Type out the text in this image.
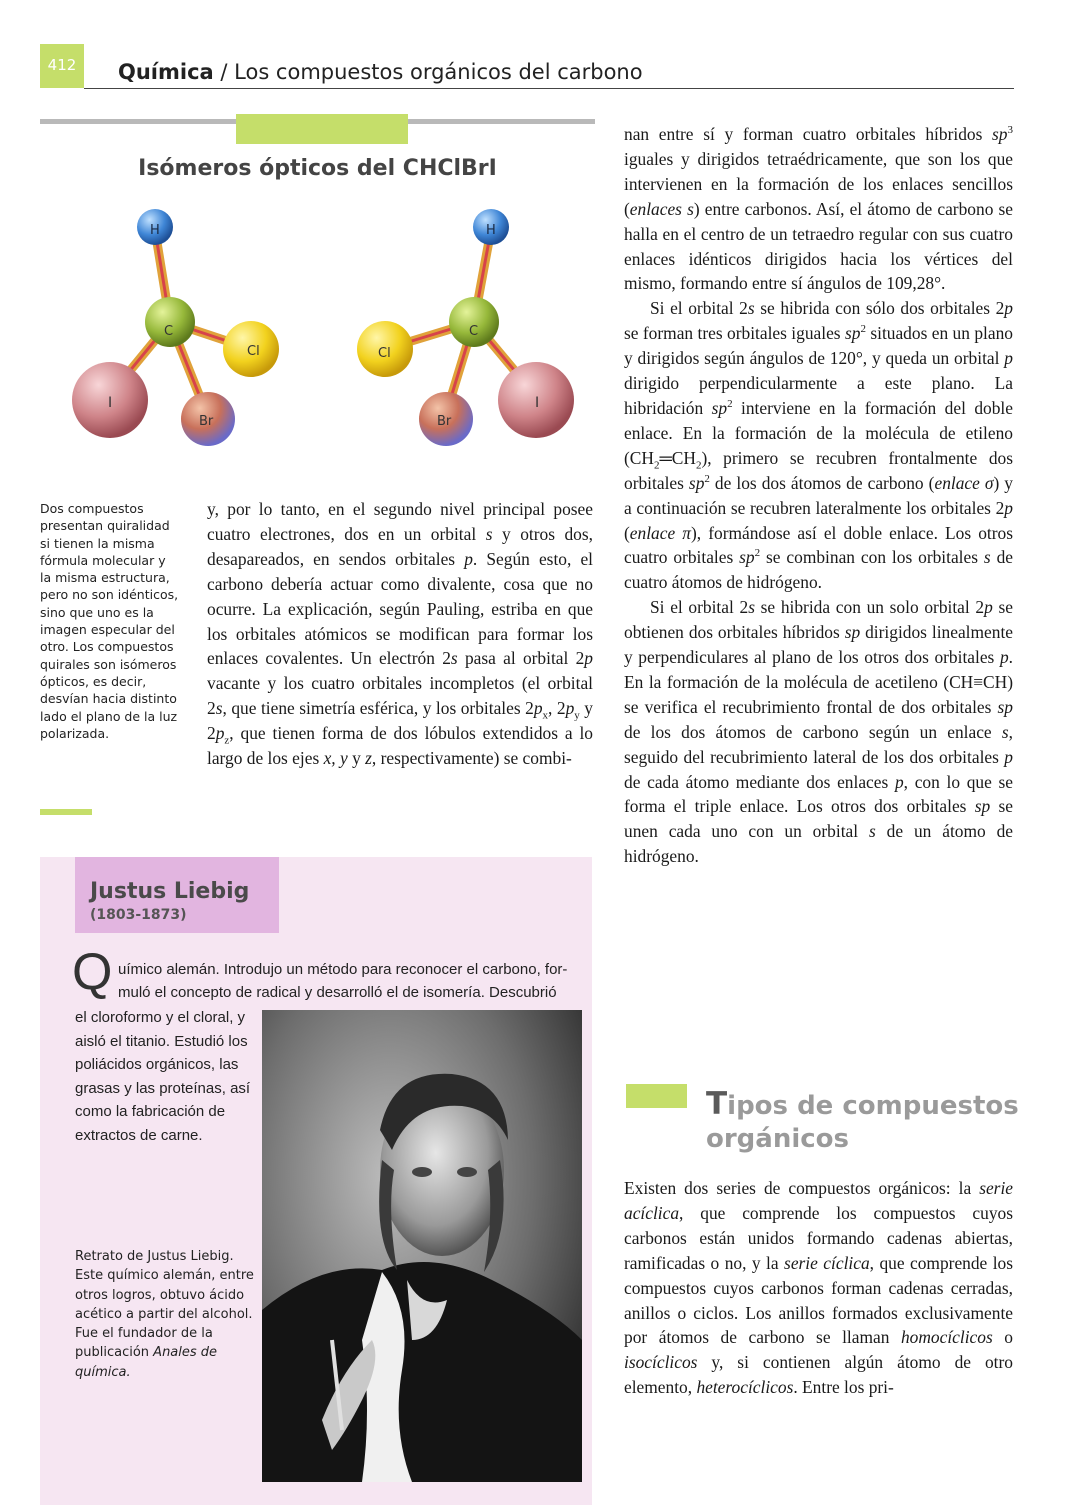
412	Química / Los compuestos orgánicos del carbono
Isómeros ópticos del CHClBrI
I
Br
C
Cl
H
I
Br
C
Cl
H

Dos compuestos presentan quiralidad si tienen la misma fórmula molecular y la misma estructura, pero no son idénticos, sino que uno es la imagen especular del otro. Los compuestos quirales son isómeros ópticos, es decir, desvían hacia distinto lado el plano de la luz polarizada.

y, por lo tanto, en el segundo nivel principal posee cuatro electrones, dos en un orbital s y otros dos, desapareados, en sendos orbitales p. Según esto, el carbono debería actuar como divalente, cosa que no ocurre. La explicación, según Pauling, estriba en que los orbitales atómicos se modifican para formar los enlaces covalentes. Un electrón 2s pasa al orbital 2p vacante y los cuatro orbitales incompletos (el orbital 2s, que tiene simetría esférica, y los orbitales $2p_x$, $2p_y$ y $2p_z$, que tienen forma de dos lóbulos extendidos a lo largo de los ejes x, y y z, respectivamente) se combi-

Justus Liebig
(1803-1873)
Q uímico alemán. Introdujo un método para reconocer el carbono, for-
muló el concepto de radical y desarrolló el de isomería. Descubrió

el cloroformo y el cloral, y aisló el titanio. Estudió los poliácidos orgánicos, las grasas y las proteínas, así como la fabricación de extractos de carne.

Retrato de Justus Liebig. Este químico alemán, entre otros logros, obtuvo ácido acético a partir del alcohol. Fue el fundador de la publicación Anales de química.

nan entre sí y forman cuatro orbitales híbridos $sp^3$ iguales y dirigidos tetraédricamente, que son los que intervienen en la formación de los enlaces sencillos (enlaces s) entre carbonos. Así, el átomo de carbono se halla en el centro de un tetraedro regular con sus cuatro enlaces idénticos dirigidos hacia los vértices del mismo, formando entre sí ángulos de 109,28°.

Si el orbital 2s se hibrida con sólo dos orbitales 2p se forman tres orbitales iguales $sp^2$ situados en un plano y dirigidos según ángulos de 120°, y queda un orbital p dirigido perpendicularmente a este plano. La hibridación $sp^2$ interviene en la formación del doble enlace. En la formación de la molécula de etileno $(CH_2═CH_2)$, primero se recubren frontalmente dos orbitales $sp^2$ de los dos átomos de carbono (enlace σ) y a continuación se recubren lateralmente los orbitales 2p (enlace π), formándose así el doble enlace. Los otros cuatro orbitales $sp^2$ se combinan con los orbitales s de cuatro átomos de hidrógeno.

Si el orbital 2s se hibrida con un solo orbital 2p se obtienen dos orbitales híbridos sp dirigidos linealmente y perpendiculares al plano de los otros dos orbitales p. En la formación de la molécula de acetileno (CH≡CH) se verifica el recubrimiento frontal de dos orbitales sp de los dos átomos de carbono según un enlace s, seguido del recubrimiento lateral de los dos orbitales p de cada átomo mediante dos enlaces p, con lo que se forma el triple enlace. Los otros dos orbitales sp se unen cada uno con un orbital s de un átomo de hidrógeno.

Tipos de compuestos orgánicos

Existen dos series de compuestos orgánicos: la serie acíclica, que comprende los compuestos cuyos carbonos están unidos formando cadenas abiertas, ramificadas o no, y la serie cíclica, que comprende los compuestos cuyos carbonos forman cadenas cerradas, anillos o ciclos. Los anillos formados exclusivamente por átomos de carbono se llaman homocíclicos o isocíclicos y, si contienen algún átomo de otro elemento, heterocíclicos. Entre los pri-
